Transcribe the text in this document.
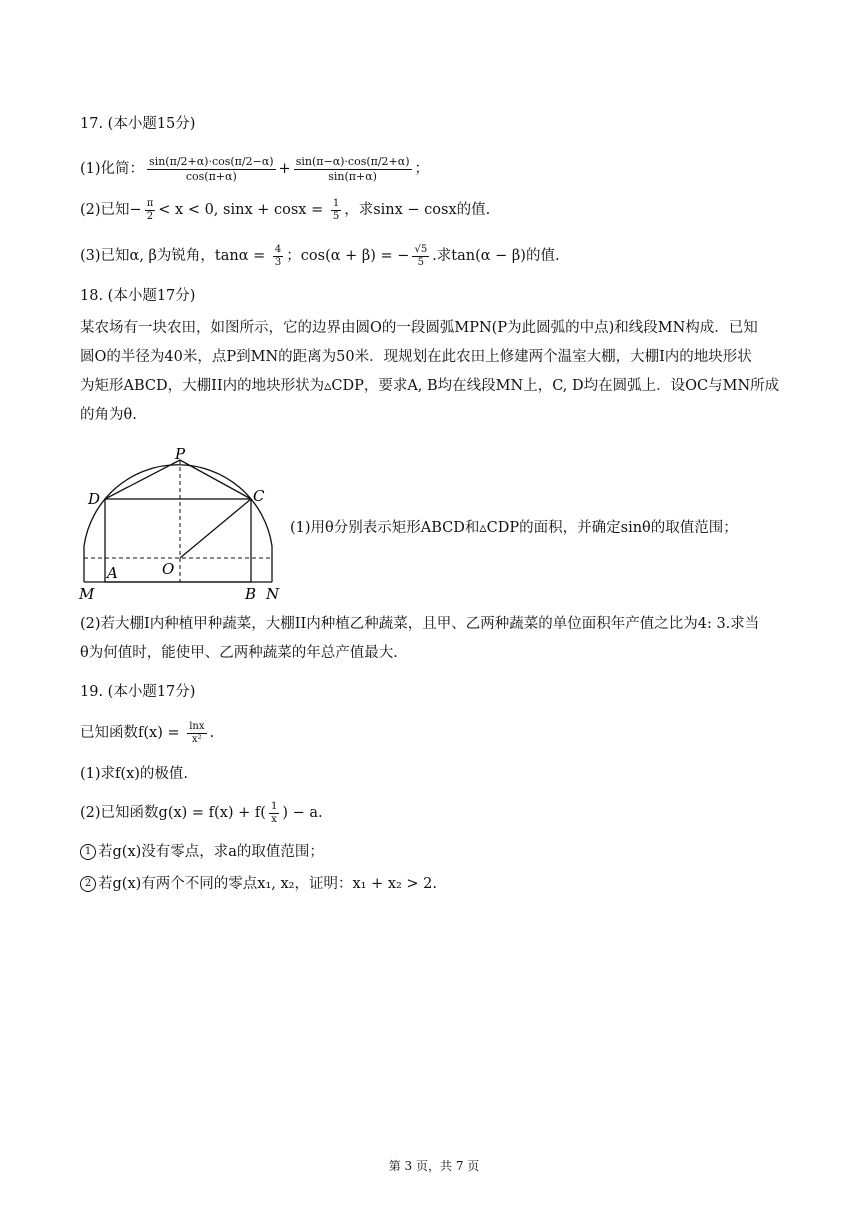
17. (本小题15分)
(1)化简： $\frac{\sin(\pi/2+\alpha)\cdot\cos(\pi/2-\alpha)}{\cos(\pi+\alpha)} + \frac{\sin(\pi-\alpha)\cdot\cos(\pi/2+\alpha)}{\sin(\pi+\alpha)}$ ；
(2)已知− $\frac{\pi}{2} < x < 0$, $\sin x + \cos x = \frac{1}{5}$ ，求sinx − cosx的值.
(3)已知α, β为锐角，$\tan\alpha = \frac{4}{3}$ ；cos(α + β) = − $\frac{√5}{5}$ .求tan(α − β)的值.
18. (本小题17分)
某农场有一块农田，如图所示，它的边界由圆O的一段圆弧MPN(P为此圆弧的中点)和线段MN构成．已知
圆O的半径为40米，点P到MN的距离为50米．现规划在此农田上修建两个温室大棚，大棚I内的地块形状
为矩形ABCD，大棚II内的地块形状为▵CDP，要求A, B均在线段MN上，C, D均在圆弧上．设OC与MN所成
的角为θ.
P
D	C
O
A
B
M	N
(1)用θ分别表示矩形ABCD和▵CDP的面积，并确定sinθ的取值范围；
(2)若大棚I内种植甲种蔬菜，大棚II内种植乙种蔬菜，且甲、乙两种蔬菜的单位面积年产值之比为4: 3.求当
θ为何值时，能使甲、乙两种蔬菜的年总产值最大.
19. (本小题17分)
已知函数$f(x) = \frac{\ln x}{\text{x²}}$ .
(1)求f(x)的极值.
(2)已知函数$g(x) = f(x) + f( \frac{1}{x}$ ) − a.
1 若g(x)没有零点，求a的取值范围；
2 若g(x)有两个不同的零点x₁, x₂，证明：x₁ + x₂ > 2.
第 3 页，共 7 页
